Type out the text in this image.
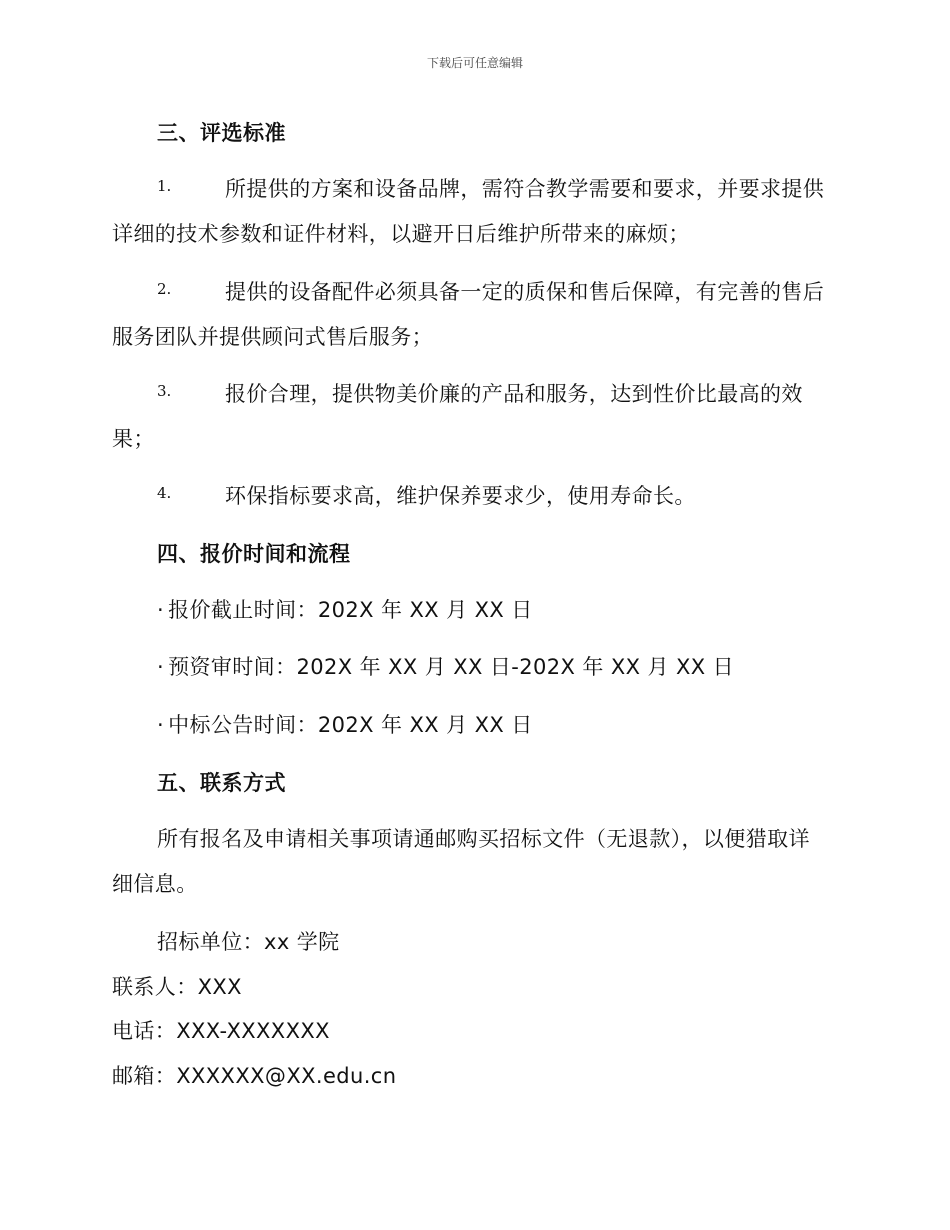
下载后可任意编辑
三、评选标准
1.	所提供的方案和设备品牌，需符合教学需要和要求，并要求提供
详细的技术参数和证件材料，以避开日后维护所带来的麻烦；
2.	提供的设备配件必须具备一定的质保和售后保障，有完善的售后
服务团队并提供顾问式售后服务；
3.	报价合理，提供物美价廉的产品和服务，达到性价比最高的效
果；
4.	环保指标要求高，维护保养要求少，使用寿命长。
四、报价时间和流程
· 报价截止时间：202X 年 XX 月 XX 日
· 预资审时间：202X 年 XX 月 XX 日-202X 年 XX 月 XX 日
· 中标公告时间：202X 年 XX 月 XX 日
五、联系方式
所有报名及申请相关事项请通邮购买招标文件（无退款），以便猎取详
细信息。
招标单位：xx 学院
联系人：XXX
电话：XXX-XXXXXXX
邮箱：XXXXXX@XX.edu.cn
